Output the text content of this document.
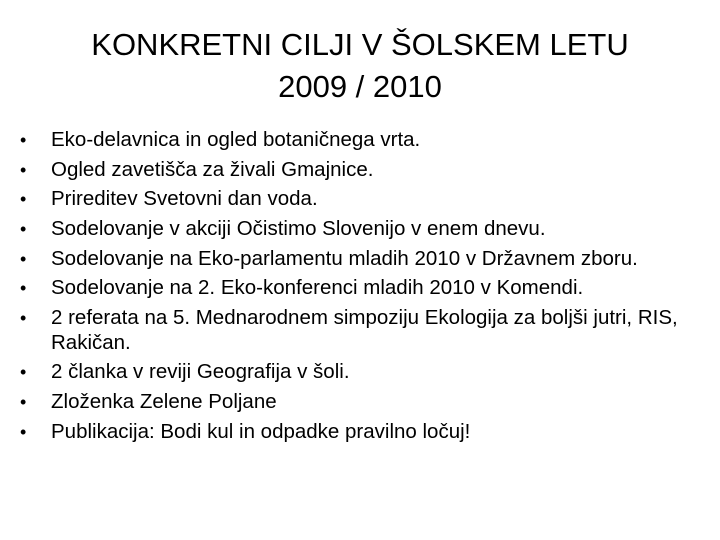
KONKRETNI CILJI V ŠOLSKEM LETU
2009 / 2010
•	Eko-delavnica in ogled botaničnega vrta.
•	Ogled zavetišča za živali Gmajnice.
•	Prireditev Svetovni dan voda.
•	Sodelovanje v akciji Očistimo Slovenijo v enem dnevu.
•	Sodelovanje na Eko-parlamentu mladih 2010 v Državnem zboru.
•	Sodelovanje na 2. Eko-konferenci mladih 2010 v Komendi.
•	2 referata na 5. Mednarodnem simpoziju Ekologija za boljši jutri, RIS, Rakičan.
•	2 članka v reviji Geografija v šoli.
•	Zloženka Zelene Poljane
•	Publikacija: Bodi kul in odpadke pravilno ločuj!
